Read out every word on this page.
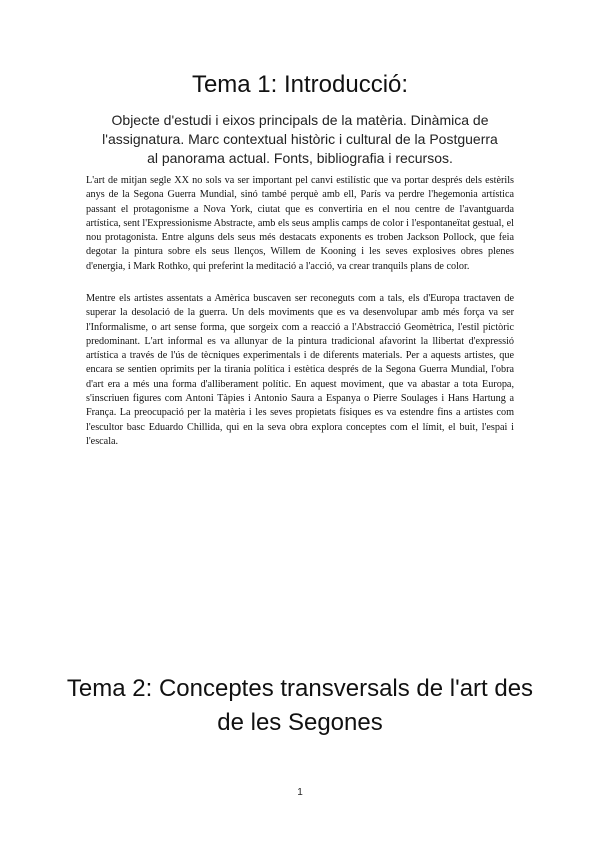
Tema 1: Introducció:

Objecte d'estudi i eixos principals de la matèria. Dinàmica de l'assignatura. Marc contextual històric i cultural de la Postguerra al panorama actual. Fonts, bibliografia i recursos.

L'art de mitjan segle XX no sols va ser important pel canvi estilístic que va portar després dels estèrils anys de la Segona Guerra Mundial, sinó també perquè amb ell, París va perdre l'hegemonia artística passant el protagonisme a Nova York, ciutat que es convertiria en el nou centre de l'avantguarda artística, sent l'Expressionisme Abstracte, amb els seus amplis camps de color i l'espontaneïtat gestual, el nou protagonista. Entre alguns dels seus més destacats exponents es troben Jackson Pollock, que feia degotar la pintura sobre els seus llenços, Willem de Kooning i les seves explosives obres plenes d'energia, i Mark Rothko, qui preferint la meditació a l'acció, va crear tranquils plans de color.

Mentre els artistes assentats a Amèrica buscaven ser reconeguts com a tals, els d'Europa tractaven de superar la desolació de la guerra. Un dels moviments que es va desenvolupar amb més força va ser l'Informalisme, o art sense forma, que sorgeix com a reacció a l'Abstracció Geomètrica, l'estil pictòric predominant. L'art informal es va allunyar de la pintura tradicional afavorint la llibertat d'expressió artística a través de l'ús de tècniques experimentals i de diferents materials. Per a aquests artistes, que encara se sentien oprimits per la tirania política i estètica després de la Segona Guerra Mundial, l'obra d'art era a més una forma d'alliberament polític. En aquest moviment, que va abastar a tota Europa, s'inscriuen figures com Antoni Tàpies i Antonio Saura a Espanya o Pierre Soulages i Hans Hartung a França. La preocupació per la matèria i les seves propietats físiques es va estendre fins a artistes com l'escultor basc Eduardo Chillida, qui en la seva obra explora conceptes com el límit, el buit, l'espai i l'escala.

Tema 2: Conceptes transversals de l'art des de les Segones
1
